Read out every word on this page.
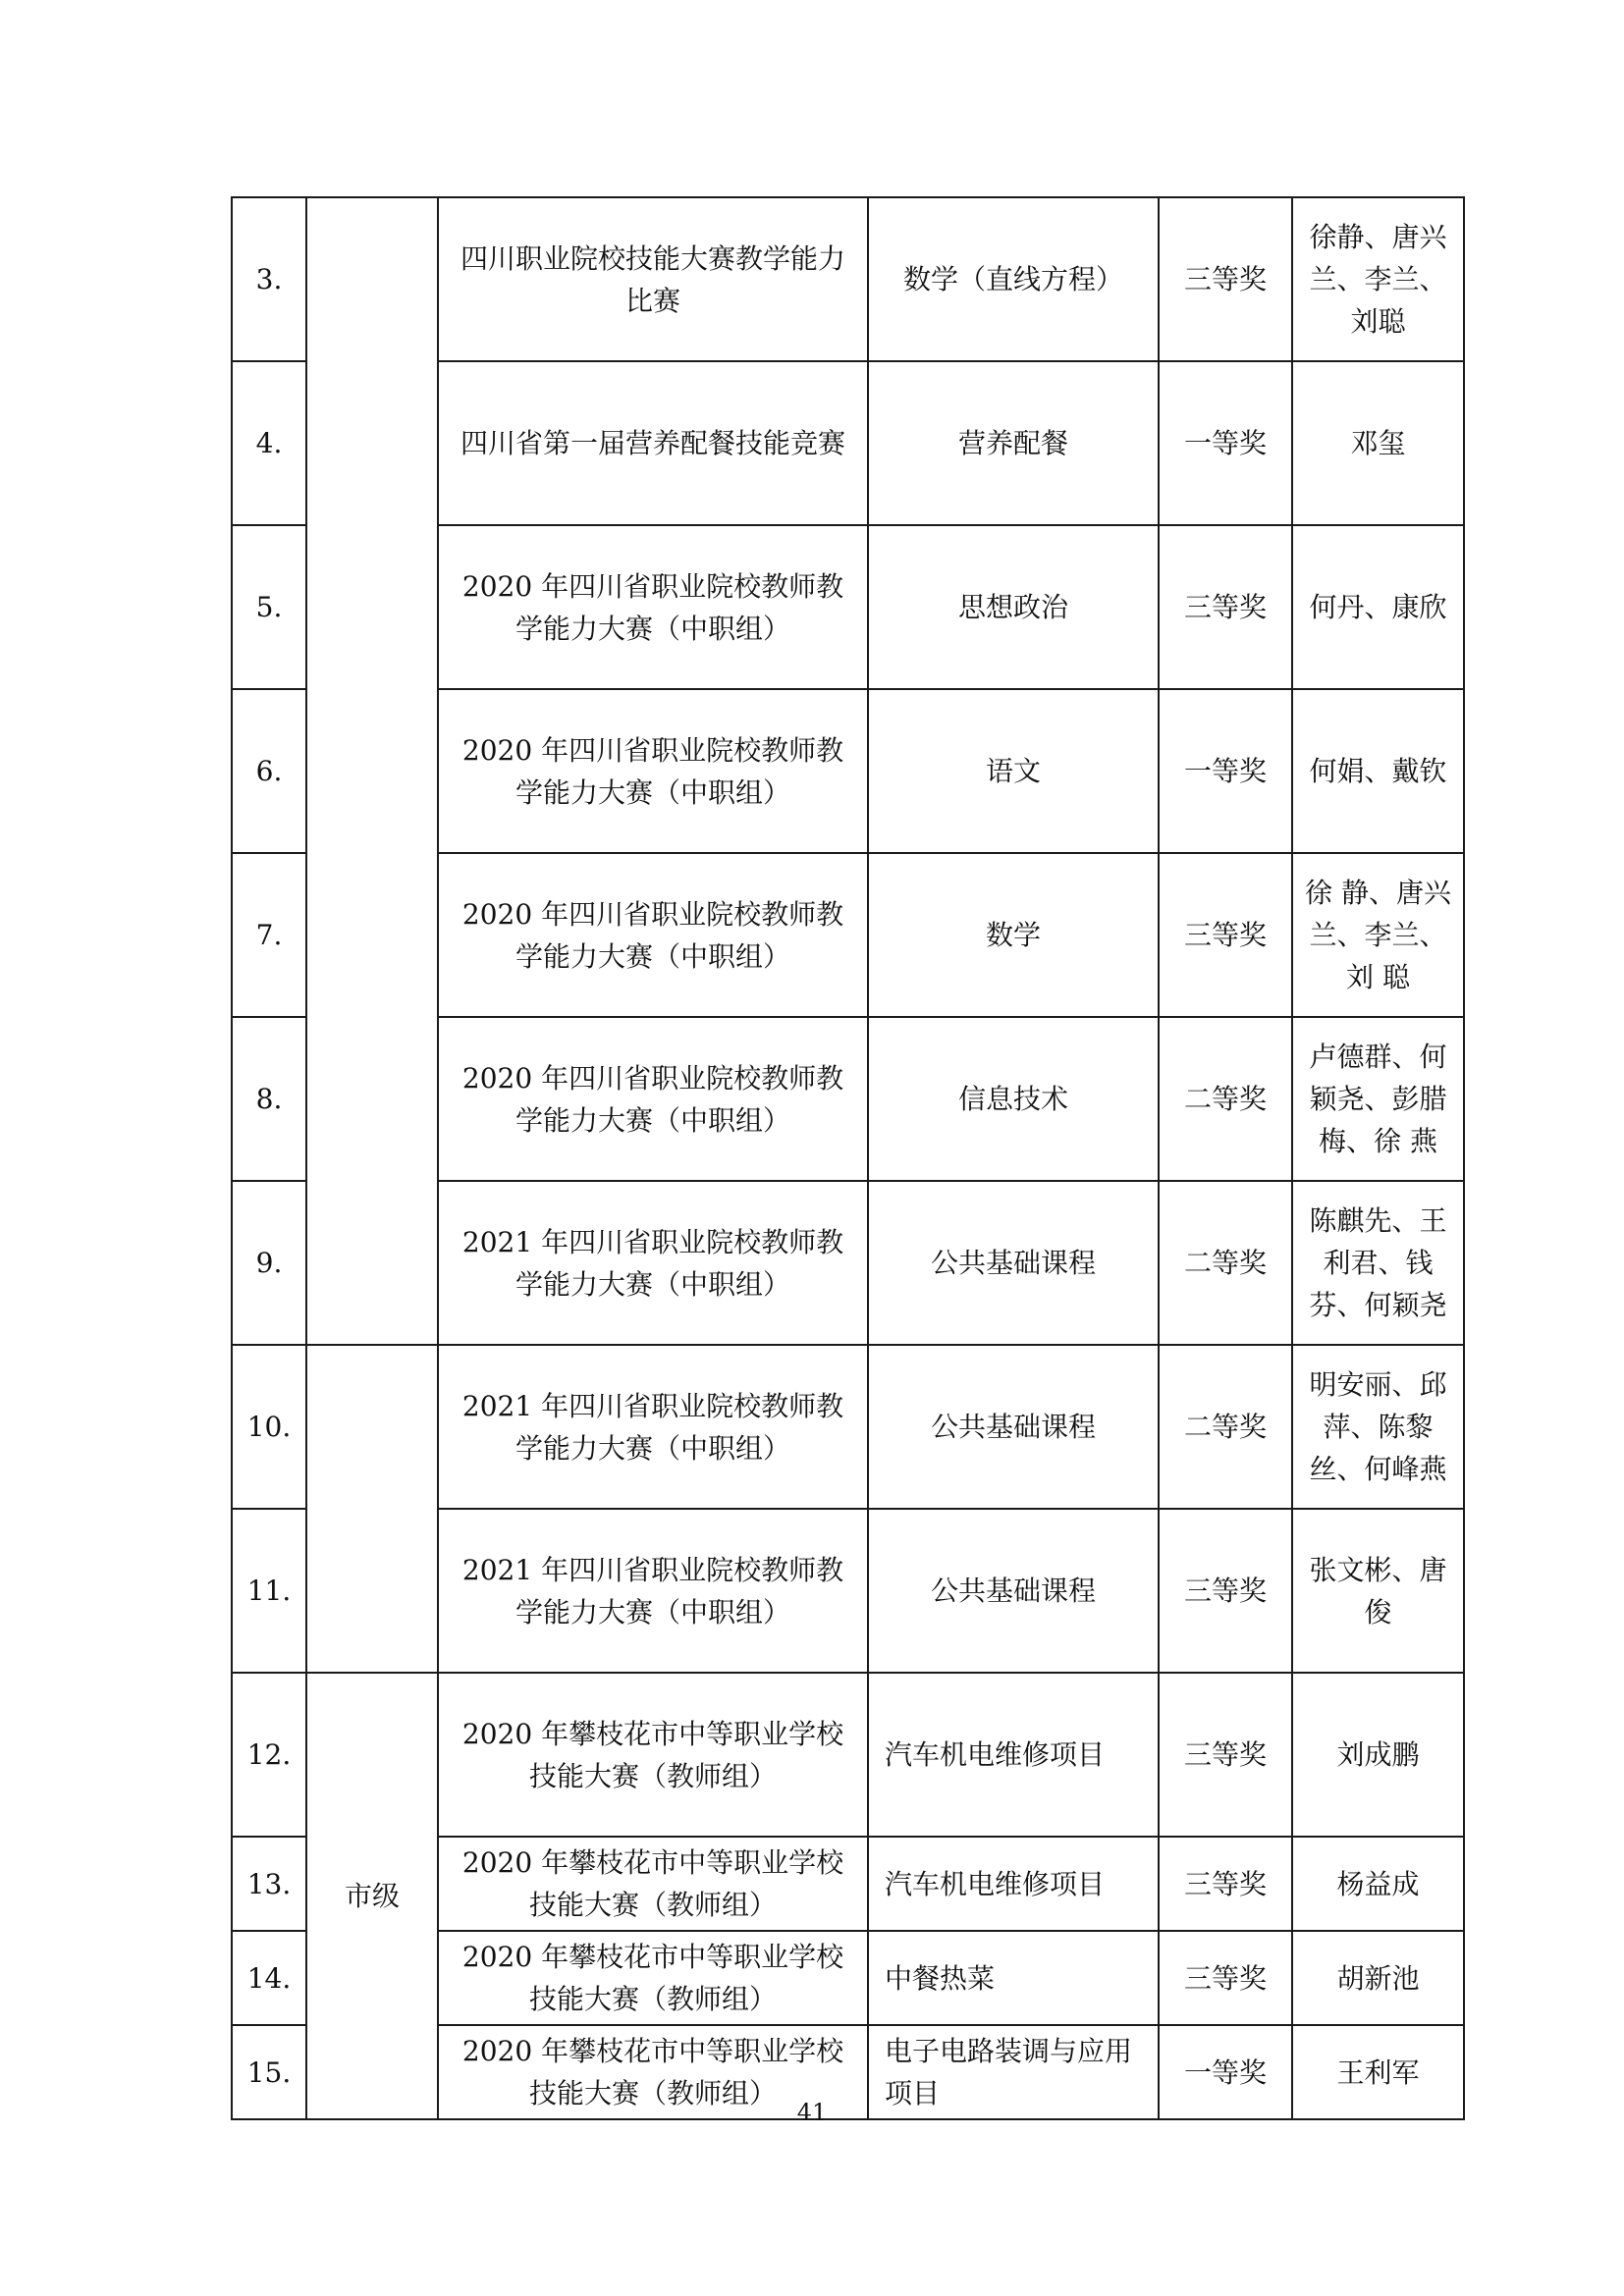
3.		四川职业院校技能大赛教学能力比赛	数学（直线方程）	三等奖	徐静、唐兴兰、李兰、刘聪
4.		四川省第一届营养配餐技能竞赛	营养配餐	一等奖	邓玺
5.		2020 年四川省职业院校教师教学能力大赛（中职组）	思想政治	三等奖	何丹、康欣
6.		2020 年四川省职业院校教师教学能力大赛（中职组）	语文	一等奖	何娟、戴钦
7.		2020 年四川省职业院校教师教学能力大赛（中职组）	数学	三等奖	徐 静、唐兴兰、李兰、刘 聪
8.		2020 年四川省职业院校教师教学能力大赛（中职组）	信息技术	二等奖	卢德群、何颖尧、彭腊梅、徐 燕
9.		2021 年四川省职业院校教师教学能力大赛（中职组）	公共基础课程	二等奖	陈麒先、王利君、钱芬、何颖尧
10.		2021 年四川省职业院校教师教学能力大赛（中职组）	公共基础课程	二等奖	明安丽、邱萍、陈黎丝、何峰燕
11.		2021 年四川省职业院校教师教学能力大赛（中职组）	公共基础课程	三等奖	张文彬、唐俊
12.	市级	2020 年攀枝花市中等职业学校技能大赛（教师组）	汽车机电维修项目	三等奖	刘成鹏
13.		2020 年攀枝花市中等职业学校技能大赛（教师组）	汽车机电维修项目	三等奖	杨益成
14.		2020 年攀枝花市中等职业学校技能大赛（教师组）	中餐热菜	三等奖	胡新池
15.		2020 年攀枝花市中等职业学校技能大赛（教师组）	电子电路装调与应用项目	一等奖	王利军
41
